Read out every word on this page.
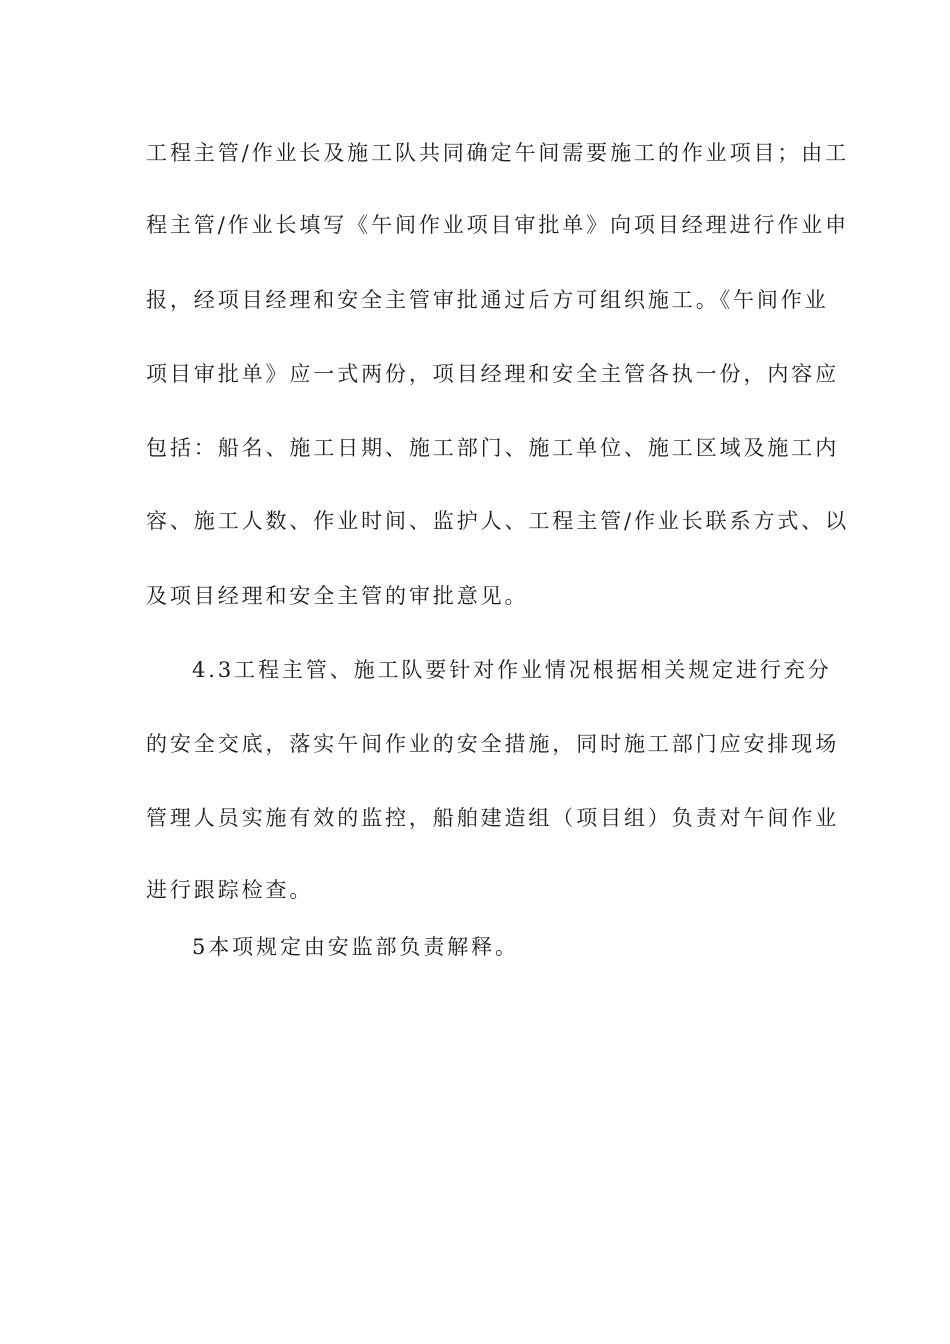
工程主管/作业长及施工队共同确定午间需要施工的作业项目；由工
程主管/作业长填写《午间作业项目审批单》向项目经理进行作业申
报，经项目经理和安全主管审批通过后方可组织施工。《午间作业
项目审批单》应一式两份，项目经理和安全主管各执一份，内容应
包括：船名、施工日期、施工部门、施工单位、施工区域及施工内
容、施工人数、作业时间、监护人、工程主管/作业长联系方式、以
及项目经理和安全主管的审批意见。
4.3工程主管、施工队要针对作业情况根据相关规定进行充分
的安全交底，落实午间作业的安全措施，同时施工部门应安排现场
管理人员实施有效的监控，船舶建造组（项目组）负责对午间作业
进行跟踪检查。
5本项规定由安监部负责解释。
